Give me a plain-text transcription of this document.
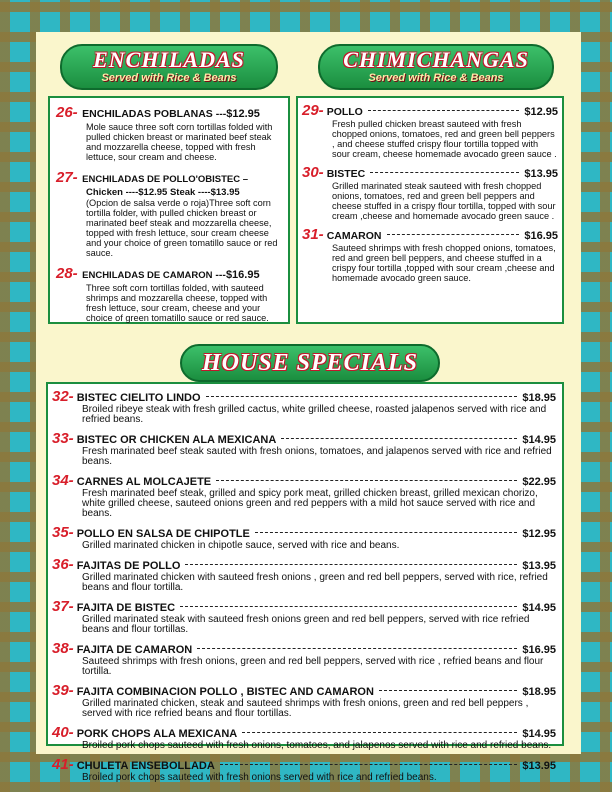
ENCHILADAS
Served with Rice & Beans
CHIMICHANGAS
Served with Rice & Beans
26- ENCHILADAS POBLANAS ---$12.95
Mole sauce three soft corn tortillas folded with pulled chicken breast or marinated beef steak and mozzarella cheese, topped with fresh lettuce, sour cream and cheese.
27- ENCHILADAS DE POLLO'OBISTEC –
Chicken ----$12.95 Steak ----$13.95
(Opcion de salsa verde o roja)Three soft corn tortilla folder, with pulled chicken breast or marinated beef steak and mozzarella cheese, topped with fresh lettuce, sour cream cheese and your choice of green tomatillo sauce or red sauce.
28- ENCHILADAS DE CAMARON ---$16.95
Three soft corn tortillas folded, with sauteed shrimps and mozzarella cheese, topped with fresh lettuce, sour cream, cheese and your choice of green tomatillo sauce or red sauce.
29- POLLO	$12.95
Fresh pulled chicken breast sauteed with fresh chopped onions, tomatoes, red and green bell peppers , and cheese stuffed crispy flour tortilla topped with sour cream, cheese homemade avocado green sauce .
30- BISTEC	$13.95
Grilled marinated steak sauteed with fresh chopped onions, tomatoes, red and green bell peppers and cheese stuffed in a crispy flour tortilla, topped with sour cream ,cheese and homemade avocado green sauce .
31- CAMARON	$16.95
Sauteed shrimps with fresh chopped onions, tomatoes, red and green bell peppers, and cheese stuffed in a crispy four tortilla ,topped with sour cream ,cheese and homemade avocado green sauce.
HOUSE SPECIALS
32- BISTEC CIELITO LINDO	$18.95
Broiled ribeye steak with fresh grilled cactus, white grilled cheese, roasted jalapenos served with rice and refried beans.
33- BISTEC OR CHICKEN ALA MEXICANA	$14.95
Fresh marinated beef steak sauted with fresh onions, tomatoes, and jalapenos served with rice and refried beans.
34- CARNES AL MOLCAJETE	$22.95
Fresh marinated beef steak, grilled and spicy pork meat, grilled chicken breast, grilled mexican chorizo, white grilled cheese, sauteed onions green and red peppers with a mild hot sauce served with rice and beans.
35- POLLO EN SALSA DE CHIPOTLE	$12.95
Grilled marinated chicken in chipotle sauce, served with rice and beans.
36- FAJITAS DE POLLO	$13.95
Grilled marinated chicken with sauteed fresh onions , green and red bell peppers, served with rice, refried beans and flour tortilla.
37- FAJITA DE BISTEC	$14.95
Grilled marinated steak with sauteed fresh onions green and red bell peppers, served with rice refried beans and flour tortillas.
38- FAJITA DE CAMARON	$16.95
Sauteed shrimps with fresh onions, green and red bell peppers, served with rice , refried beans and flour tortilla.
39- FAJITA COMBINACION POLLO , BISTEC AND CAMARON	$18.95
Grilled marinated chicken, steak and sauteed shrimps with fresh onions, green and red bell peppers , served with rice refried beans and flour tortillas.
40- PORK CHOPS ALA MEXICANA	$14.95
Broiled pork chops sauteed with fresh onions, tomatoes, and jalapenos served with rice and refried beans.
41- CHULETA ENSEBOLLADA	$13.95
Broiled pork chops sauteed with fresh onions served with rice and refried beans.
